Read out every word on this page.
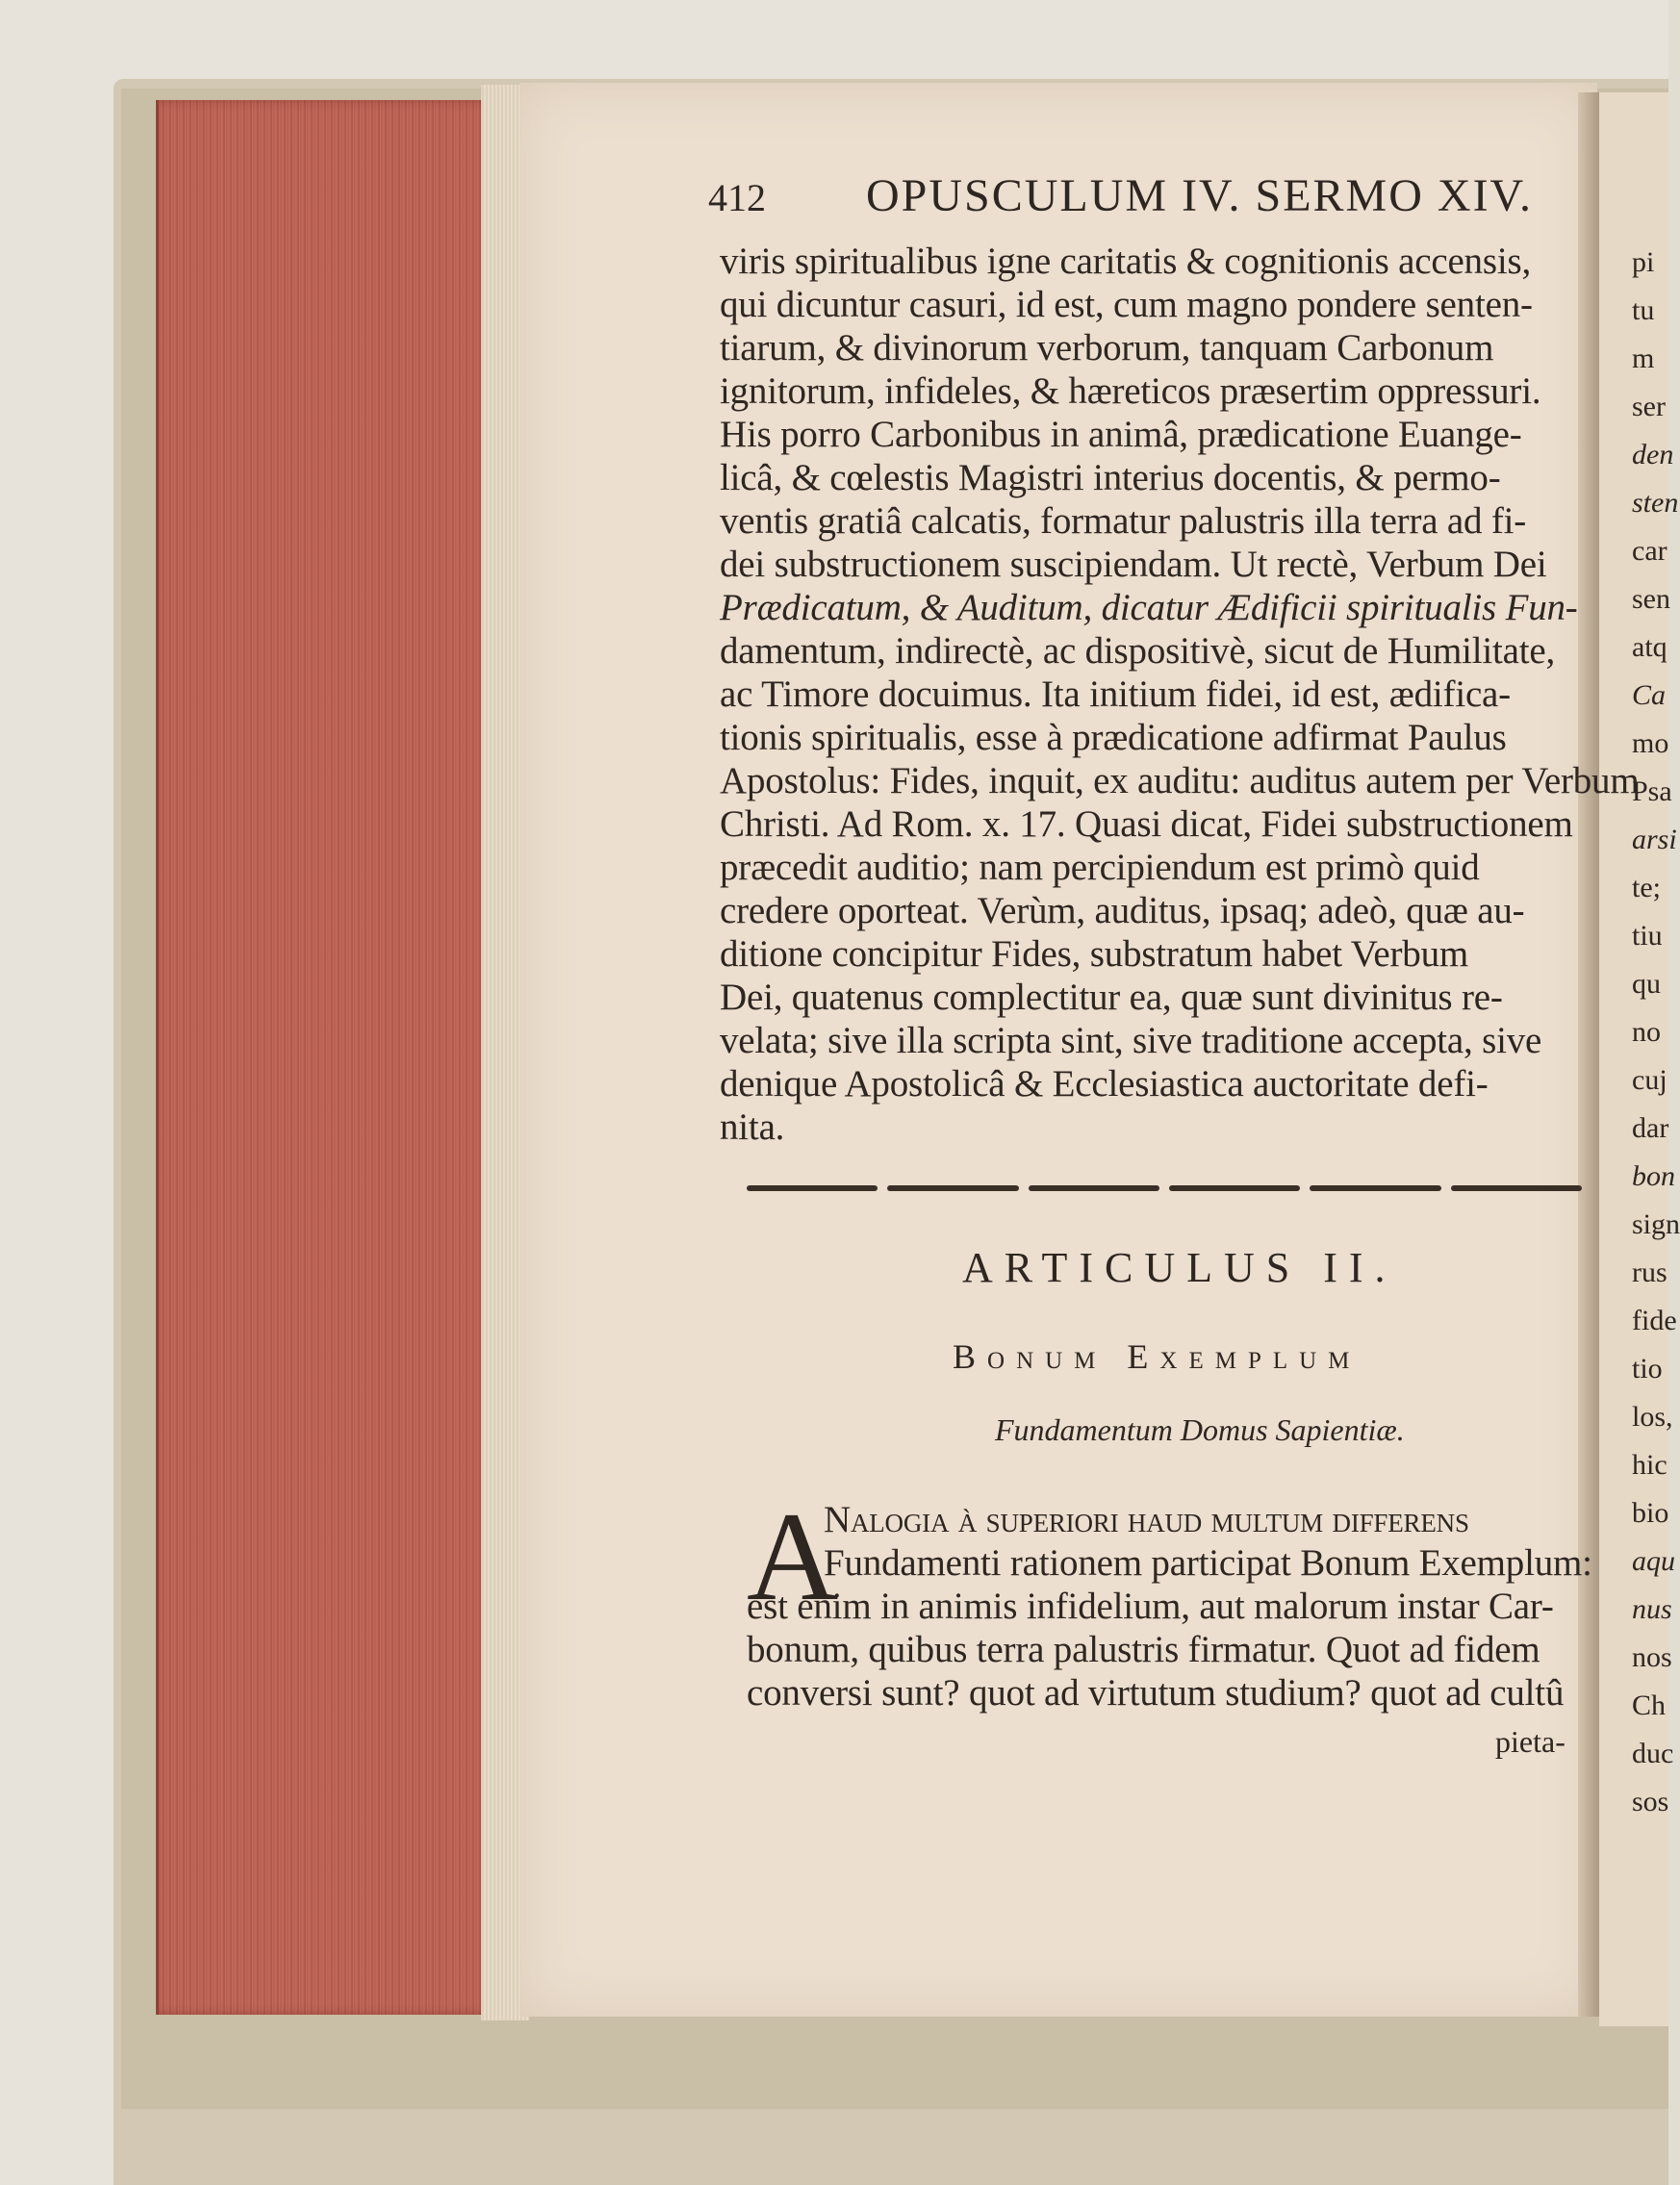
412 OPUSCULUM IV. SERMO XIV.
viris spiritualibus igne caritatis & cognitionis accensis,
qui dicuntur casuri, id est, cum magno pondere senten-
tiarum, & divinorum verborum, tanquam Carbonum
ignitorum, infideles, & hæreticos præsertim oppressuri.
His porro Carbonibus in animâ, prædicatione Euange-
licâ, & cœlestis Magistri interius docentis, & permo-
ventis gratiâ calcatis, formatur palustris illa terra ad fi-
dei substructionem suscipiendam. Ut rectè, Verbum Dei
Prædicatum, & Auditum, dicatur Ædificii spiritualis Fun-
damentum, indirectè, ac dispositivè, sicut de Humilitate,
ac Timore docuimus. Ita initium fidei, id est, ædifica-
tionis spiritualis, esse à prædicatione adfirmat Paulus
Apostolus: Fides, inquit, ex auditu: auditus autem per Verbum
Christi. Ad Rom. x. 17. Quasi dicat, Fidei substructionem
præcedit auditio; nam percipiendum est primò quid
credere oporteat. Verùm, auditus, ipsaq; adeò, quæ au-
ditione concipitur Fides, substratum habet Verbum
Dei, quatenus complectitur ea, quæ sunt divinitus re-
velata; sive illa scripta sint, sive traditione accepta, sive
denique Apostolicâ & Ecclesiastica auctoritate defi-
nita.
ARTICULUS II.
Bonum Exemplum
Fundamentum Domus Sapientiæ.
A
Nalogia à superiori haud multum differens
Fundamenti rationem participat Bonum Exemplum:
est enim in animis infidelium, aut malorum instar Car-
bonum, quibus terra palustris firmatur. Quot ad fidem
conversi sunt? quot ad virtutum studium? quot ad cultû
pieta-
pi
tu
m
ser
den
sten
car
sen
atq
Ca
mo
Psa
arsi
te;
tiu
qu
no
cuj
dar
bon
sign
rus
fide
tio
los,
hic
bio
aqu
nus
nos
Ch
duc
sos
